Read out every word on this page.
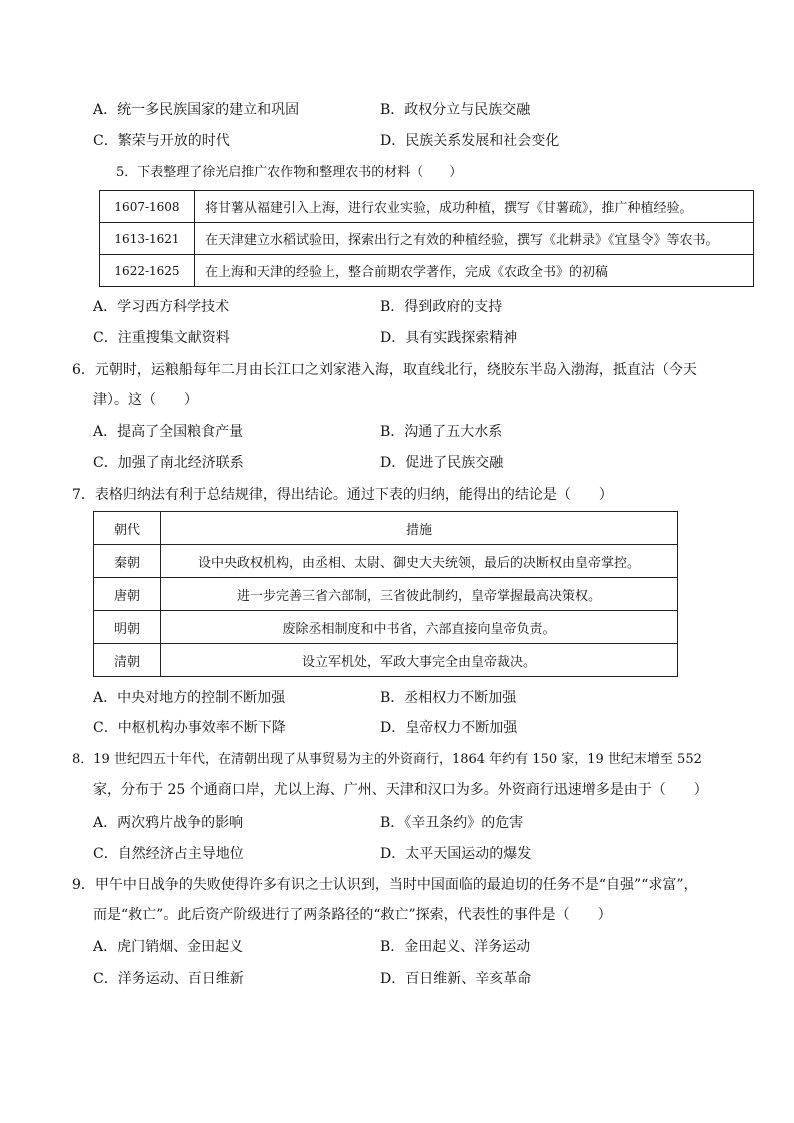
A．统一多民族国家的建立和巩固	B．政权分立与民族交融
C．繁荣与开放的时代	D．民族关系发展和社会变化
5．下表整理了徐光启推广农作物和整理农书的材料（　　）
1607-1608	将甘薯从福建引入上海，进行农业实验，成功种植，撰写《甘薯疏》，推广种植经验。
1613-1621	在天津建立水稻试验田，探索出行之有效的种植经验，撰写《北耕录》《宜垦令》等农书。
1622-1625	在上海和天津的经验上，整合前期农学著作，完成《农政全书》的初稿
A．学习西方科学技术	B．得到政府的支持
C．注重搜集文献资料	D．具有实践探索精神
6．元朝时，运粮船每年二月由长江口之刘家港入海，取直线北行，绕胶东半岛入渤海，抵直沽（今天
津）。这（　　）
A．提高了全国粮食产量	B．沟通了五大水系
C．加强了南北经济联系	D．促进了民族交融
7．表格归纳法有利于总结规律，得出结论。通过下表的归纳，能得出的结论是（　　）
朝代	措施
秦朝	设中央政权机构，由丞相、太尉、御史大夫统领，最后的决断权由皇帝掌控。
唐朝	进一步完善三省六部制，三省彼此制约，皇帝掌握最高决策权。
明朝	废除丞相制度和中书省，六部直接向皇帝负责。
清朝	设立军机处，军政大事完全由皇帝裁决。
A．中央对地方的控制不断加强	B．丞相权力不断加强
C．中枢机构办事效率不断下降	D．皇帝权力不断加强
8．19 世纪四五十年代，在清朝出现了从事贸易为主的外资商行，1864 年约有 150 家，19 世纪末增至 552
家，分布于 25 个通商口岸，尤以上海、广州、天津和汉口为多。外资商行迅速增多是由于（　　）
A．两次鸦片战争的影响	B．《辛丑条约》的危害
C．自然经济占主导地位	D．太平天国运动的爆发
9．甲午中日战争的失败使得许多有识之士认识到，当时中国面临的最迫切的任务不是“自强”“求富”，
而是“救亡”。此后资产阶级进行了两条路径的“救亡”探索，代表性的事件是（　　）
A．虎门销烟、金田起义	B．金田起义、洋务运动
C．洋务运动、百日维新	D．百日维新、辛亥革命
